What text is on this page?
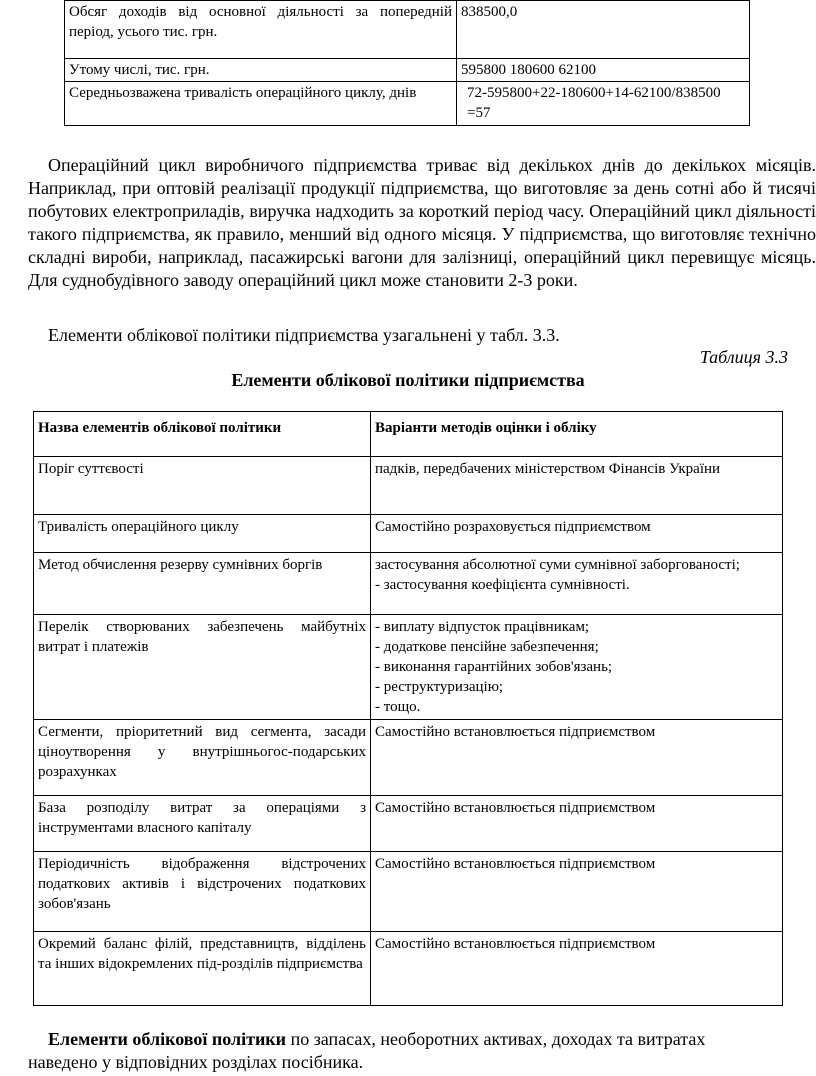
Обсяг доходів від основної діяльності за попередній період, усього тис. грн.	838500,0
Утому числі, тис. грн.	595800 180600 62100
Середньозважена тривалість операційного циклу, днів	72-595800+22-180600+14-62100/838500 =57
Операційний цикл виробничого підприємства триває від декількох днів до декількох місяців. Наприклад, при оптовій реалізації продукції підприємства, що виготовляє за день сотні або й тисячі побутових електроприладів, виручка надходить за короткий період часу. Операційний цикл діяльності такого підприємства, як правило, менший від одного місяця. У підприємства, що виготовляє технічно складні вироби, наприклад, пасажирські вагони для залізниці, операційний цикл перевищує місяць. Для суднобудівного заводу операційний цикл може становити 2-3 роки.
Елементи облікової політики підприємства узагальнені у табл. 3.3.
Таблиця 3.3
Елементи облікової політики підприємства
Назва елементів облікової політики	Варіанти методів оцінки і обліку
Поріг суттєвості	падків, передбачених міністерством Фінансів України

Тривалість операційного циклу	Самостійно розраховується підприємством
Метод обчислення резерву сумнівних боргів	застосування абсолютної суми сумнівної заборгованості;
- застосування коефіцієнта сумнівності.
Перелік створюваних забезпечень майбутніх витрат і платежів	- виплату відпусток працівникам;
- додаткове пенсійне забезпечення;
- виконання гарантійних зобов'язань;
- реструктуризацію;
- тощо.
Сегменти, пріоритетний вид сегмента, засади ціноутворення у внутрішньогос-подарських розрахунках	Самостійно встановлюється підприємством
База розподілу витрат за операціями з інструментами власного капіталу	Самостійно встановлюється підприємством
Періодичність відображення відстрочених податкових активів і відстрочених податкових зобов'язань	Самостійно встановлюється підприємством
Окремий баланс філій, представництв, відділень та інших відокремлених під-розділів підприємства	Самостійно встановлюється підприємством
Елементи облікової політики по запасах, необоротних активах, доходах та витратах
наведено у відповідних розділах посібника.
